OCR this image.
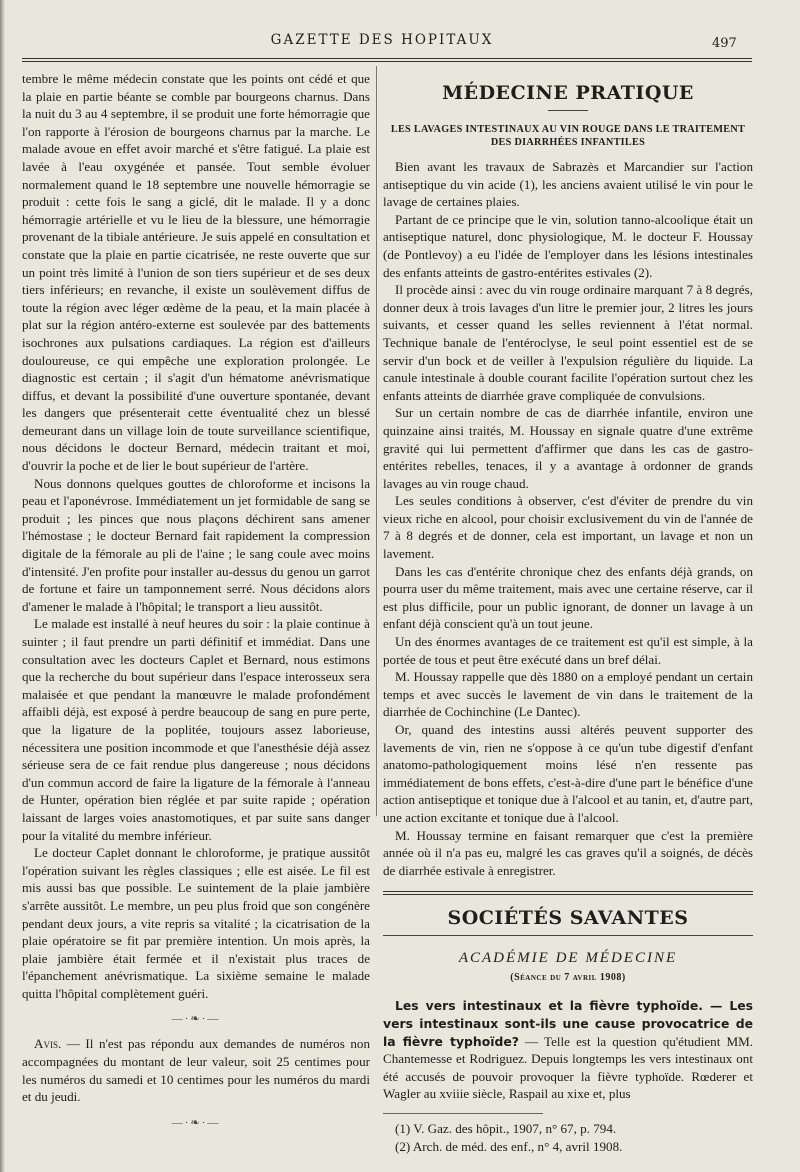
GAZETTE DES HOPITAUX	497

tembre le même médecin constate que les points ont cédé et que la plaie en partie béante se comble par bourgeons charnus. Dans la nuit du 3 au 4 septembre, il se produit une forte hémorragie que l'on rapporte à l'érosion de bourgeons charnus par la marche. Le malade avoue en effet avoir marché et s'être fatigué. La plaie est lavée à l'eau oxygénée et pansée. Tout semble évoluer normalement quand le 18 septembre une nouvelle hémorragie se produit : cette fois le sang a giclé, dit le malade. Il y a donc hémorragie artérielle et vu le lieu de la blessure, une hémorragie provenant de la tibiale antérieure. Je suis appelé en consultation et constate que la plaie en partie cicatrisée, ne reste ouverte que sur un point très limité à l'union de son tiers supérieur et de ses deux tiers inférieurs; en revanche, il existe un soulèvement diffus de toute la région avec léger œdème de la peau, et la main placée à plat sur la région antéro-externe est soulevée par des battements isochrones aux pulsations cardiaques. La région est d'ailleurs douloureuse, ce qui empêche une exploration prolongée. Le diagnostic est certain ; il s'agit d'un hématome anévrismatique diffus, et devant la possibilité d'une ouverture spontanée, devant les dangers que présenterait cette éventualité chez un blessé demeurant dans un village loin de toute surveillance scientifique, nous décidons le docteur Bernard, médecin traitant et moi, d'ouvrir la poche et de lier le bout supérieur de l'artère.

Nous donnons quelques gouttes de chloroforme et incisons la peau et l'aponévrose. Immédiatement un jet formidable de sang se produit ; les pinces que nous plaçons déchirent sans amener l'hémostase ; le docteur Bernard fait rapidement la compression digitale de la fémorale au pli de l'aine ; le sang coule avec moins d'intensité. J'en profite pour installer au-dessus du genou un garrot de fortune et faire un tamponnement serré. Nous décidons alors d'amener le malade à l'hôpital; le transport a lieu aussitôt.

Le malade est installé à neuf heures du soir : la plaie continue à suinter ; il faut prendre un parti définitif et immédiat. Dans une consultation avec les docteurs Caplet et Bernard, nous estimons que la recherche du bout supérieur dans l'espace interosseux sera malaisée et que pendant la manœuvre le malade profondément affaibli déjà, est exposé à perdre beaucoup de sang en pure perte, que la ligature de la poplitée, toujours assez laborieuse, nécessitera une position incommode et que l'anesthésie déjà assez sérieuse sera de ce fait rendue plus dangereuse ; nous décidons d'un commun accord de faire la ligature de la fémorale à l'anneau de Hunter, opération bien réglée et par suite rapide ; opération laissant de larges voies anastomotiques, et par suite sans danger pour la vitalité du membre inférieur.

Le docteur Caplet donnant le chloroforme, je pratique aussitôt l'opération suivant les règles classiques ; elle est aisée. Le fil est mis aussi bas que possible. Le suintement de la plaie jambière s'arrête aussitôt. Le membre, un peu plus froid que son congénère pendant deux jours, a vite repris sa vitalité ; la cicatrisation de la plaie opératoire se fit par première intention. Un mois après, la plaie jambière était fermée et il n'existait plus traces de l'épanchement anévrismatique. La sixième semaine le malade quitta l'hôpital complètement guéri.

—·❧·—

Avis. — Il n'est pas répondu aux demandes de numéros non accompagnées du montant de leur valeur, soit 25 centimes pour les numéros du samedi et 10 centimes pour les numéros du mardi et du jeudi.

—·❧·—
MÉDECINE PRATIQUE
LES LAVAGES INTESTINAUX AU VIN ROUGE DANS LE TRAITEMENT DES DIARRHÉES INFANTILES

Bien avant les travaux de Sabrazès et Marcandier sur l'action antiseptique du vin acide (1), les anciens avaient utilisé le vin pour le lavage de certaines plaies.

Partant de ce principe que le vin, solution tanno-alcoolique était un antiseptique naturel, donc physiologique, M. le docteur F. Houssay (de Pontlevoy) a eu l'idée de l'employer dans les lésions intestinales des enfants atteints de gastro-entérites estivales (2).

Il procède ainsi : avec du vin rouge ordinaire marquant 7 à 8 degrés, donner deux à trois lavages d'un litre le premier jour, 2 litres les jours suivants, et cesser quand les selles reviennent à l'état normal. Technique banale de l'entéroclyse, le seul point essentiel est de se servir d'un bock et de veiller à l'expulsion régulière du liquide. La canule intestinale à double courant facilite l'opération surtout chez les enfants atteints de diarrhée grave compliquée de convulsions.

Sur un certain nombre de cas de diarrhée infantile, environ une quinzaine ainsi traités, M. Houssay en signale quatre d'une extrême gravité qui lui permettent d'affirmer que dans les cas de gastro-entérites rebelles, tenaces, il y a avantage à ordonner de grands lavages au vin rouge chaud.

Les seules conditions à observer, c'est d'éviter de prendre du vin vieux riche en alcool, pour choisir exclusivement du vin de l'année de 7 à 8 degrés et de donner, cela est important, un lavage et non un lavement.

Dans les cas d'entérite chronique chez des enfants déjà grands, on pourra user du même traitement, mais avec une certaine réserve, car il est plus difficile, pour un public ignorant, de donner un lavage à un enfant déjà conscient qu'à un tout jeune.

Un des énormes avantages de ce traitement est qu'il est simple, à la portée de tous et peut être exécuté dans un bref délai.

M. Houssay rappelle que dès 1880 on a employé pendant un certain temps et avec succès le lavement de vin dans le traitement de la diarrhée de Cochinchine (Le Dantec).

Or, quand des intestins aussi altérés peuvent supporter des lavements de vin, rien ne s'oppose à ce qu'un tube digestif d'enfant anatomo-pathologiquement moins lésé n'en ressente pas immédiatement de bons effets, c'est-à-dire d'une part le bénéfice d'une action antiseptique et tonique due à l'alcool et au tanin, et, d'autre part, une action excitante et tonique due à l'alcool.

M. Houssay termine en faisant remarquer que c'est la première année où il n'a pas eu, malgré les cas graves qu'il a soignés, de décès de diarrhée estivale à enregistrer.

SOCIÉTÉS SAVANTES
ACADÉMIE DE MÉDECINE
(Séance du 7 avril 1908)

Les vers intestinaux et la fièvre typhoïde. — Les vers intestinaux sont-ils une cause provocatrice de la fièvre typhoïde? — Telle est la question qu'étudient MM. Chantemesse et Rodriguez. Depuis longtemps les vers intestinaux ont été accusés de pouvoir provoquer la fièvre typhoïde. Rœderer et Wagler au xviiie siècle, Raspail au xixe et, plus

(1) V. Gaz. des hôpit., 1907, n° 67, p. 794.

(2) Arch. de méd. des enf., n° 4, avril 1908.
